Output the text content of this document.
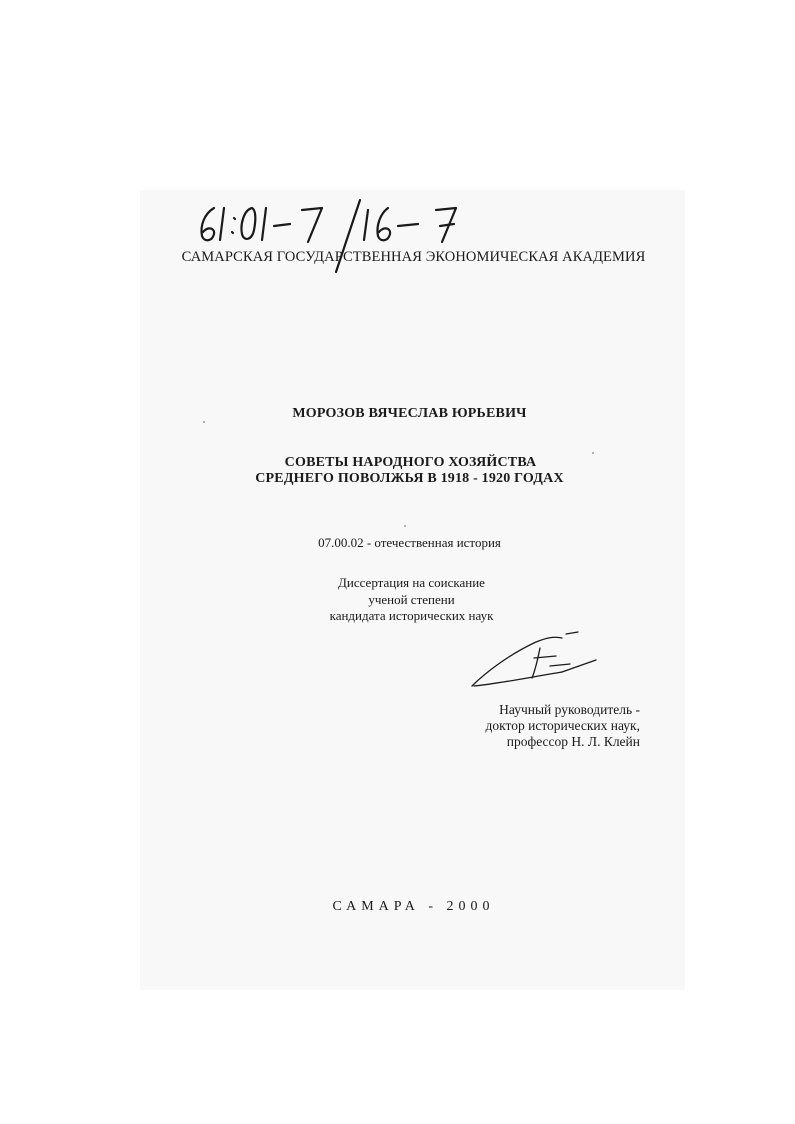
САМАРСКАЯ ГОСУДАРСТВЕННАЯ ЭКОНОМИЧЕСКАЯ АКАДЕМИЯ
МОРОЗОВ ВЯЧЕСЛАВ ЮРЬЕВИЧ
СОВЕТЫ НАРОДНОГО ХОЗЯЙСТВА
СРЕДНЕГО ПОВОЛЖЬЯ В 1918 - 1920 ГОДАХ
07.00.02 - отечественная история
Диссертация на соискание
ученой степени
кандидата исторических наук
Научный руководитель -
доктор исторических наук,
профессор Н. Л. Клейн
САМАРА - 2000
